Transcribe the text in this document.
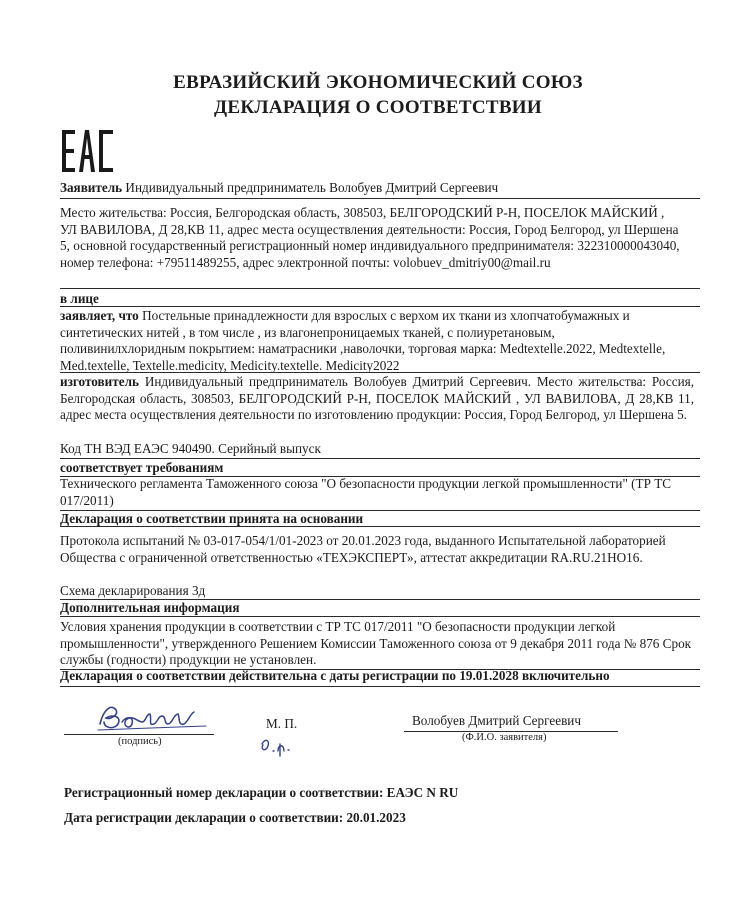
ЕВРАЗИЙСКИЙ ЭКОНОМИЧЕСКИЙ СОЮЗ
ДЕКЛАРАЦИЯ О СООТВЕТСТВИИ
Заявитель Индивидуальный предприниматель Волобуев Дмитрий Сергеевич
Место жительства: Россия, Белгородская область, 308503, БЕЛГОРОДСКИЙ Р-Н, ПОСЕЛОК МАЙСКИЙ , УЛ ВАВИЛОВА, Д 28,КВ 11, адрес места осуществления деятельности: Россия, Город Белгород, ул Шершена 5, основной государственный регистрационный номер индивидуального предпринимателя: 322310000043040, номер телефона: +79511489255, адрес электронной почты: volobuev_dmitriy00@mail.ru
в лице
заявляет, что Постельные принадлежности для взрослых с верхом их ткани из хлопчатобумажных и синтетических нитей , в том числе , из влагонепроницаемых тканей, с полиуретановым, поливинилхлоридным покрытием: наматрасники ,наволочки, торговая марка: Medtextelle.2022, Medtextelle, Med.textelle, Textelle.medicity, Medicity.textelle. Medicity2022
изготовитель Индивидуальный предприниматель Волобуев Дмитрий Сергеевич. Место жительства: Россия, Белгородская область, 308503, БЕЛГОРОДСКИЙ Р-Н, ПОСЕЛОК МАЙСКИЙ , УЛ ВАВИЛОВА, Д 28,КВ 11, адрес места осуществления деятельности по изготовлению продукции: Россия, Город Белгород, ул Шершена 5.
Код ТН ВЭД ЕАЭС 940490. Серийный выпуск
соответствует требованиям
Технического регламента Таможенного союза "О безопасности продукции легкой промышленности" (ТР ТС 017/2011)
Декларация о соответствии принята на основании
Протокола испытаний № 03-017-054/1/01-2023 от 20.01.2023 года, выданного Испытательной лабораторией Общества с ограниченной ответственностью «ТЕХЭКСПЕРТ», аттестат аккредитации RA.RU.21НО16.
Схема декларирования 3д
Дополнительная информация
Условия хранения продукции в соответствии с ТР ТС 017/2011 "О безопасности продукции легкой промышленности", утвержденного Решением Комиссии Таможенного союза от 9 декабря 2011 года № 876 Срок службы (годности) продукции не установлен.
Декларация о соответствии действительна с даты регистрации по 19.01.2028 включительно
(подпись)
М. П.	Волобуев Дмитрий Сергеевич
(Ф.И.О. заявителя)
Регистрационный номер декларации о соответствии: ЕАЭС N RU
Дата регистрации декларации о соответствии: 20.01.2023
